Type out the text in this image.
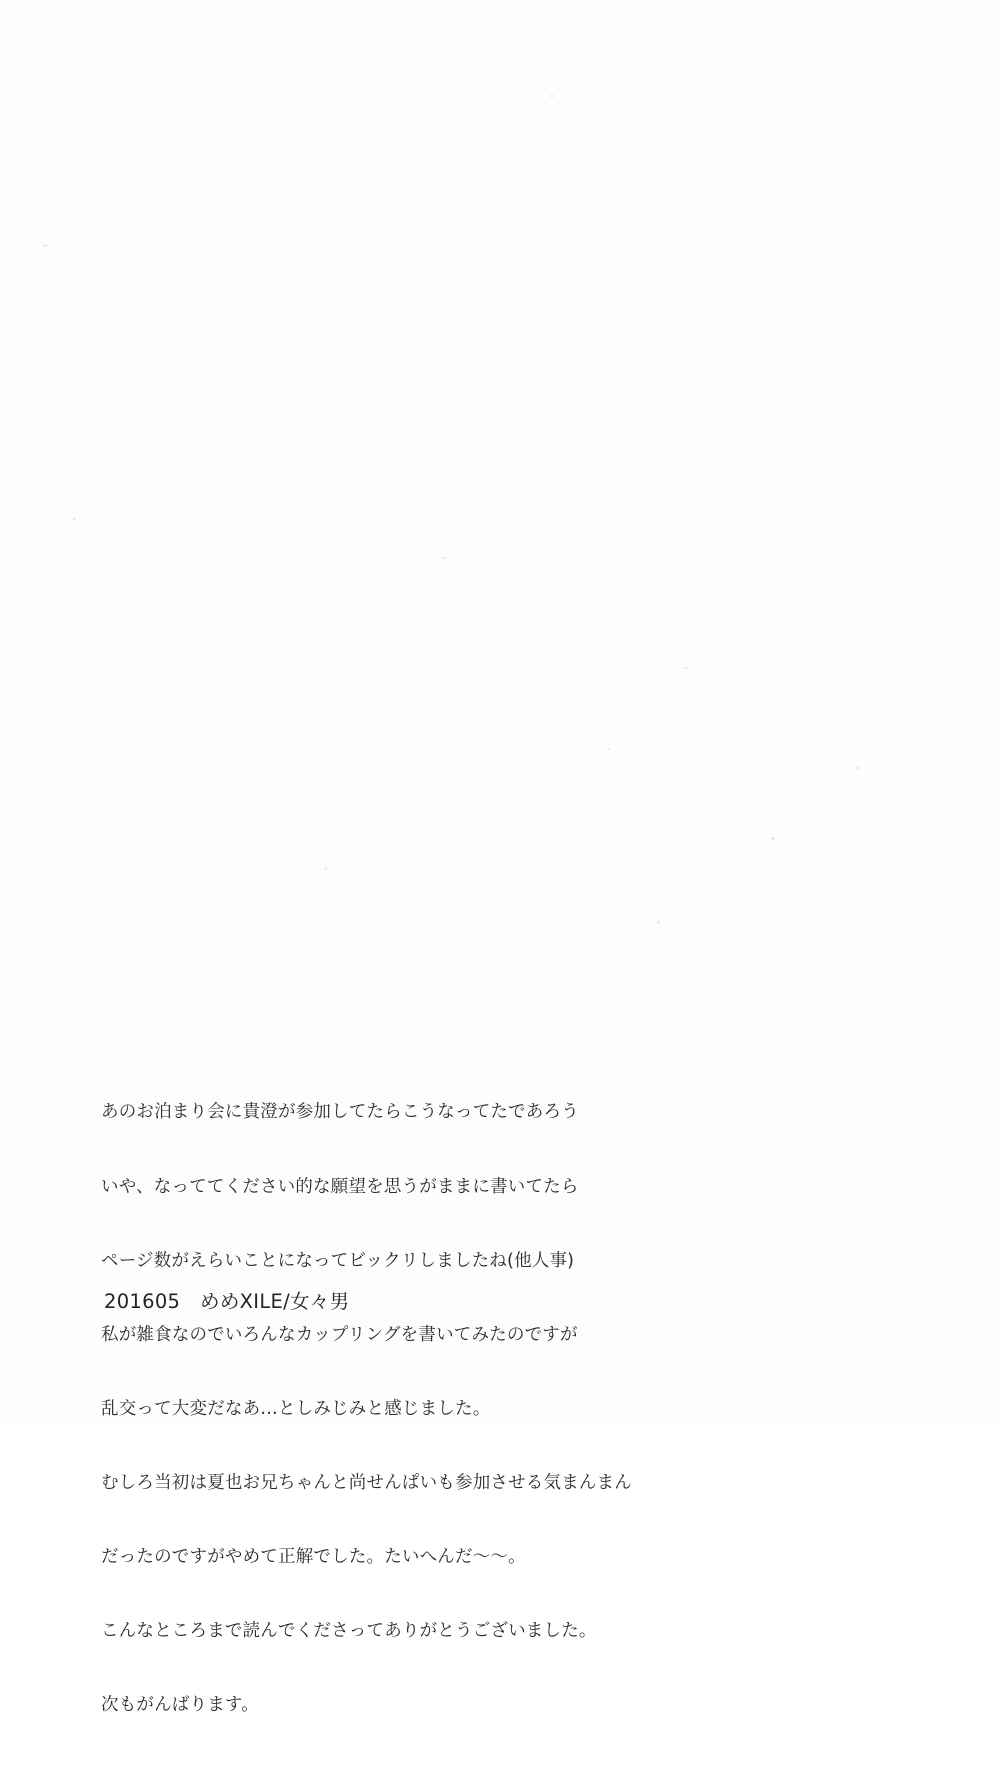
あのお泊まり会に貴澄が参加してたらこうなってたであろう

いや、なっててください的な願望を思うがままに書いてたら

ページ数がえらいことになってビックリしましたね(他人事)

私が雑食なのでいろんなカップリングを書いてみたのですが

乱交って大変だなあ…としみじみと感じました。

むしろ当初は夏也お兄ちゃんと尚せんぱいも参加させる気まんまん

だったのですがやめて正解でした。たいへんだ～～。

こんなところまで読んでくださってありがとうございました。

次もがんばります。

201605　めめXILE/女々男
